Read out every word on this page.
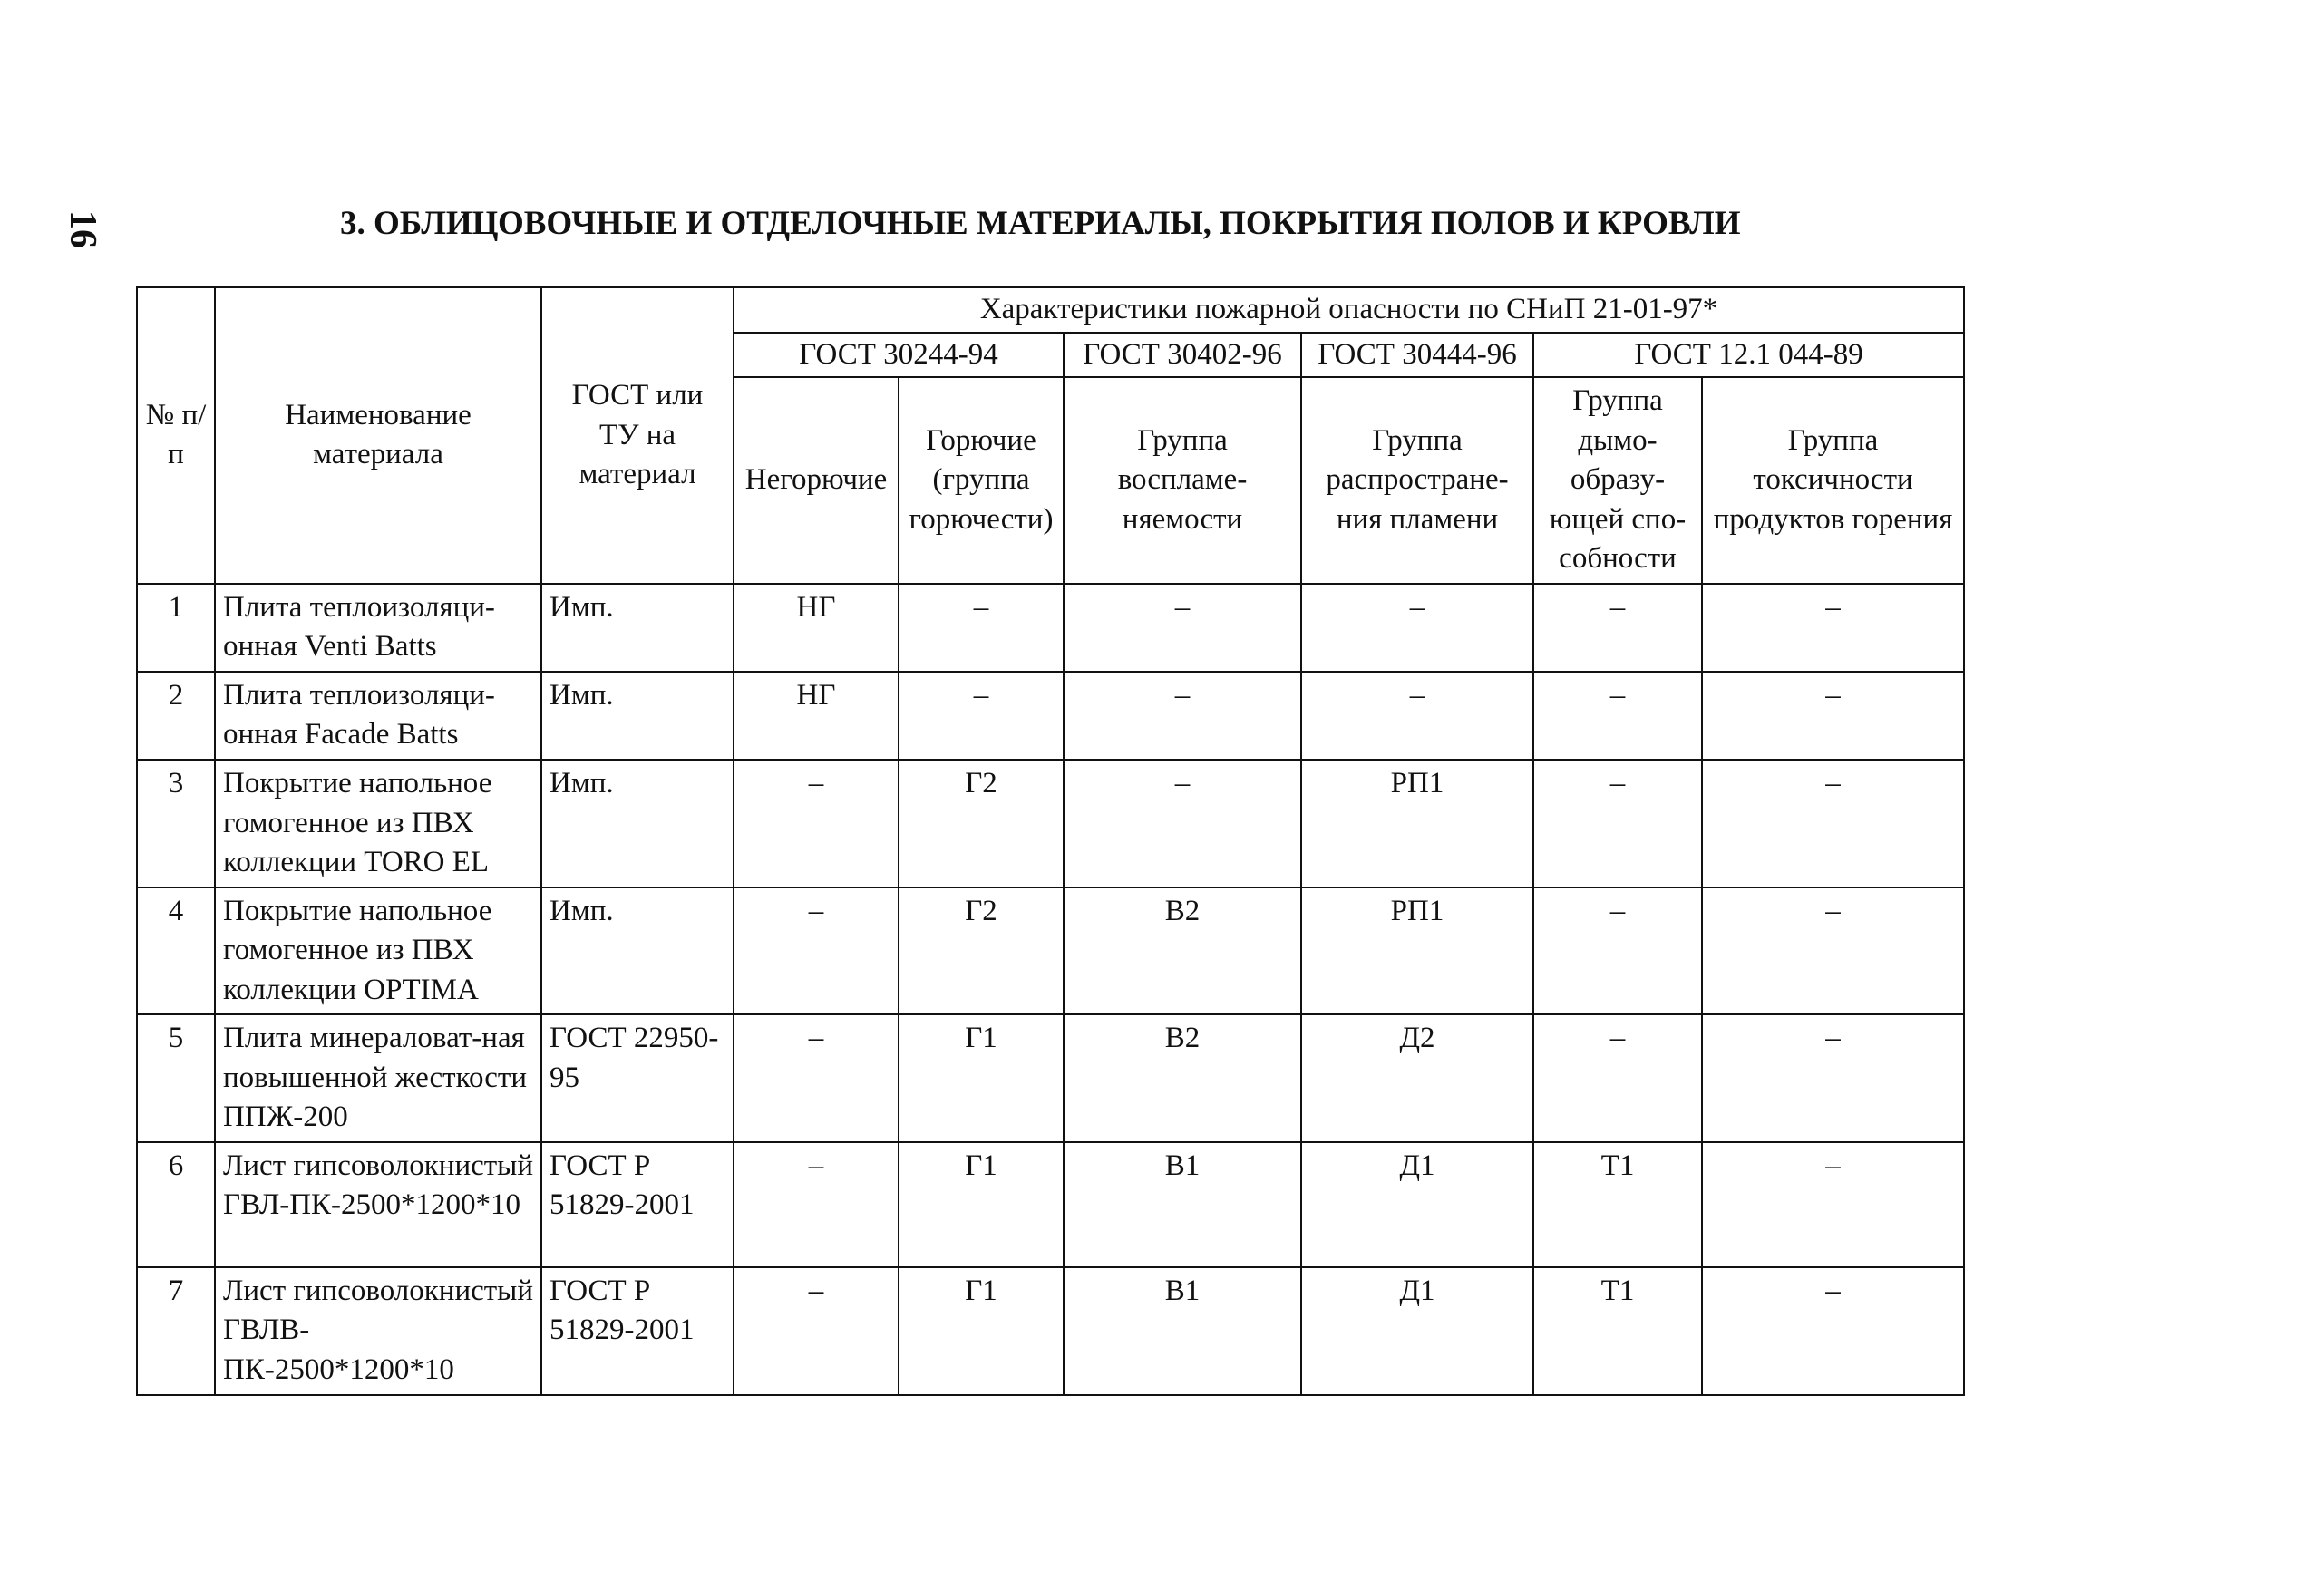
16	3. ОБЛИЦОВОЧНЫЕ И ОТДЕЛОЧНЫЕ МАТЕРИАЛЫ, ПОКРЫТИЯ ПОЛОВ И КРОВЛИ
№ п/п	Наименование материала	ГОСТ или ТУ на материал	Характеристики пожарной опасности по СНиП 21-01-97*					
			ГОСТ 30244-94		ГОСТ 30402-96	ГОСТ 30444-96	ГОСТ 12.1 044-89	
			Негорючие	Горючие (группа горючести)	Группа воспламе-няемости	Группа распростране-ния пламени	Группа дымо-образу-ющей спо-собности	Группа токсичности продуктов горения
1	Плита теплоизоляци-онная Venti Batts	Имп.	НГ	–	–	–	–	–
2	Плита теплоизоляци-онная Facade Batts	Имп.	НГ	–	–	–	–	–
3	Покрытие напольное гомогенное из ПВХ коллекции TORO EL	Имп.	–	Г2	–	РП1	–	–
4	Покрытие напольное гомогенное из ПВХ коллекции OPTIMA	Имп.	–	Г2	В2	РП1	–	–
5	Плита минераловат-ная повышенной жесткости ППЖ-200	ГОСТ 22950-95	–	Г1	В2	Д2	–	–
6	Лист гипсоволокнистый ГВЛ-ПК-2500*1200*10	ГОСТ Р 51829-2001	–	Г1	В1	Д1	Т1	–
7	Лист гипсоволокнистый ГВЛВ-ПК-2500*1200*10	ГОСТ Р 51829-2001	–	Г1	В1	Д1	Т1	–
